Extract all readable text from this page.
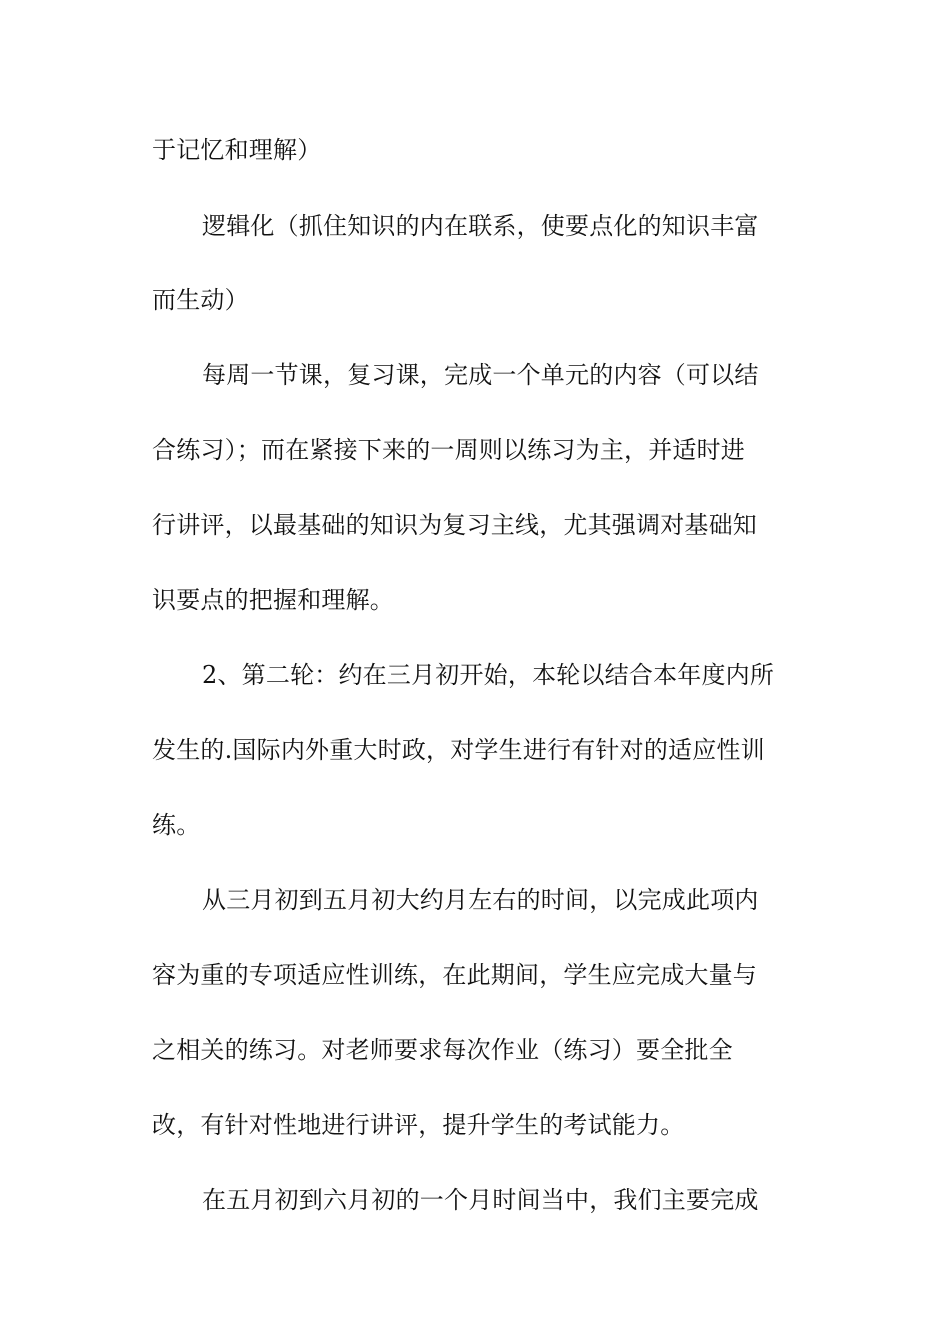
于记忆和理解）
逻辑化（抓住知识的内在联系，使要点化的知识丰富
而生动）
每周一节课，复习课，完成一个单元的内容（可以结
合练习）；而在紧接下来的一周则以练习为主，并适时进
行讲评，以最基础的知识为复习主线，尤其强调对基础知
识要点的把握和理解。
2、第二轮：约在三月初开始，本轮以结合本年度内所
发生的.国际内外重大时政，对学生进行有针对的适应性训
练。
从三月初到五月初大约月左右的时间，以完成此项内
容为重的专项适应性训练，在此期间，学生应完成大量与
之相关的练习。对老师要求每次作业（练习）要全批全
改，有针对性地进行讲评，提升学生的考试能力。
在五月初到六月初的一个月时间当中，我们主要完成
